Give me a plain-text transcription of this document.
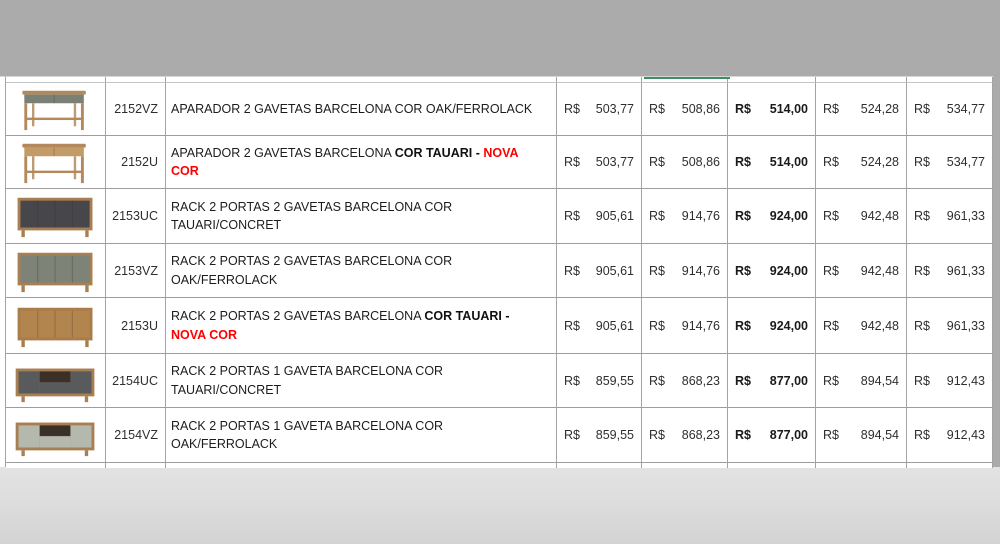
2152VZ APARADOR 2 GAVETAS BARCELONA COR OAK/FERROLACK	R$ 503,77 R$ 508,86 R$ 514,00 R$ 524,28 R$ 534,77
2152U
APARADOR 2 GAVETAS BARCELONA COR TAUARI - NOVA COR
R$ 503,77 R$ 508,86 R$ 514,00 R$ 524,28 R$ 534,77
2153UC
RACK 2 PORTAS 2 GAVETAS BARCELONA COR TAUARI/CONCRET
R$ 905,61 R$ 914,76 R$ 924,00 R$ 942,48 R$ 961,33
2153VZ
RACK 2 PORTAS 2 GAVETAS BARCELONA COR OAK/FERROLACK
R$ 905,61 R$ 914,76 R$ 924,00 R$ 942,48 R$ 961,33
2153U
RACK 2 PORTAS 2 GAVETAS BARCELONA COR TAUARI - NOVA COR
R$ 905,61 R$ 914,76 R$ 924,00 R$ 942,48 R$ 961,33
2154UC
RACK 2 PORTAS 1 GAVETA BARCELONA COR TAUARI/CONCRET
R$ 859,55 R$ 868,23 R$ 877,00 R$ 894,54 R$ 912,43
2154VZ
RACK 2 PORTAS 1 GAVETA BARCELONA COR OAK/FERROLACK
R$ 859,55 R$ 868,23 R$ 877,00 R$ 894,54 R$ 912,43
